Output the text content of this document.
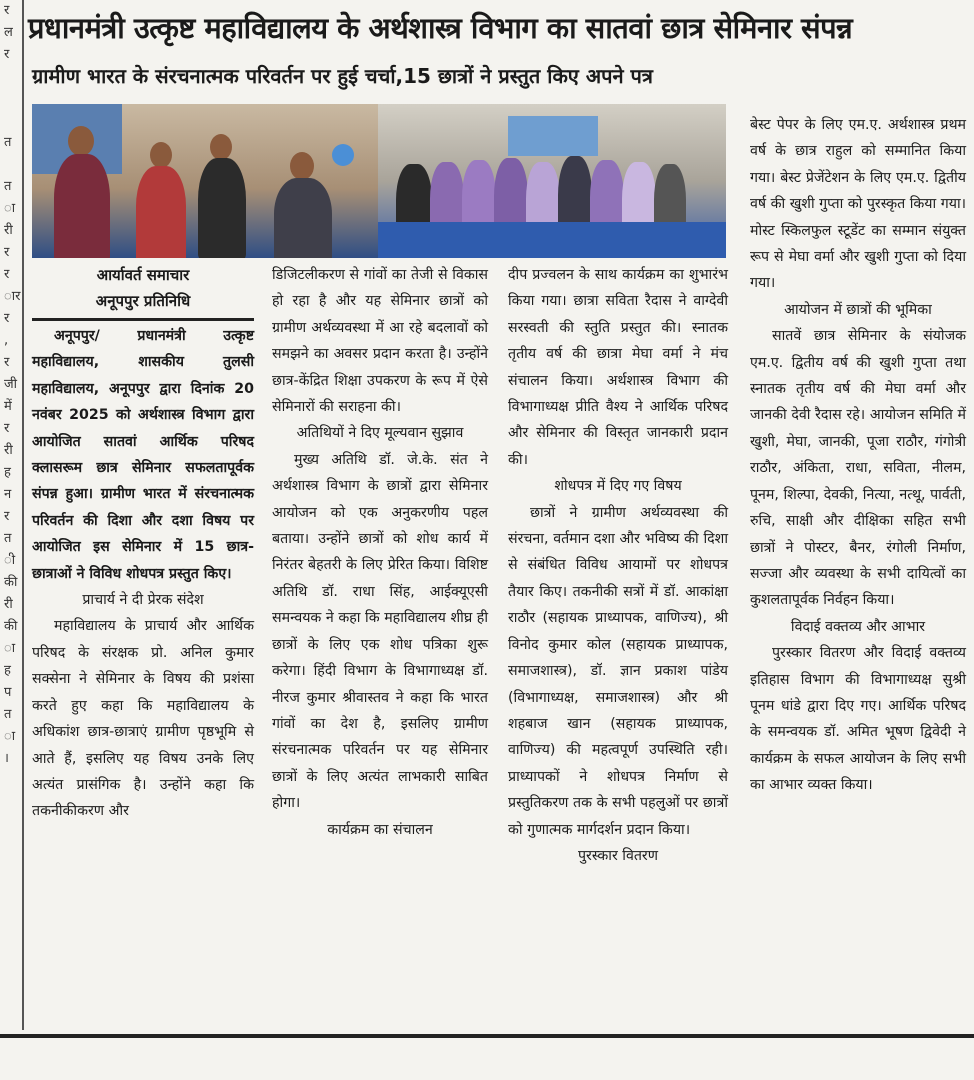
र
ल
र
त
त
ा
री
र
र
ार
र
,
र
जी
में
र
री
ह
न
र
त
ी
की
री
की
ा
ह
प
त
ा
।
प्रधानमंत्री उत्कृष्ट महाविद्यालय के अर्थशास्त्र विभाग का सातवां छात्र सेमिनार संपन्न
ग्रामीण भारत के संरचनात्मक परिवर्तन पर हुई चर्चा,15 छात्रों ने प्रस्तुत किए अपने पत्र
आर्यावर्त समाचार
अनूपपुर प्रतिनिधि

अनूपपुर/ प्रधानमंत्री उत्कृष्ट महाविद्यालय, शासकीय तुलसी महाविद्यालय, अनूपपुर द्वारा दिनांक 20 नवंबर 2025 को अर्थशास्त्र विभाग द्वारा आयोजित सातवां आर्थिक परिषद क्लासरूम छात्र सेमिनार सफलतापूर्वक संपन्न हुआ। ग्रामीण भारत में संरचनात्मक परिवर्तन की दिशा और दशा विषय पर आयोजित इस सेमिनार में 15 छात्र-छात्राओं ने विविध शोधपत्र प्रस्तुत किए।

प्राचार्य ने दी प्रेरक संदेश

महाविद्यालय के प्राचार्य और आर्थिक परिषद के संरक्षक प्रो. अनिल कुमार सक्सेना ने सेमिनार के विषय की प्रशंसा करते हुए कहा कि महाविद्यालय के अधिकांश छात्र-छात्राएं ग्रामीण पृष्ठभूमि से आते हैं, इसलिए यह विषय उनके लिए अत्यंत प्रासंगिक है। उन्होंने कहा कि तकनीकीकरण और

डिजिटलीकरण से गांवों का तेजी से विकास हो रहा है और यह सेमिनार छात्रों को ग्रामीण अर्थव्यवस्था में आ रहे बदलावों को समझने का अवसर प्रदान करता है। उन्होंने छात्र-केंद्रित शिक्षा उपकरण के रूप में ऐसे सेमिनारों की सराहना की।

अतिथियों ने दिए मूल्यवान सुझाव

मुख्य अतिथि डॉ. जे.के. संत ने अर्थशास्त्र विभाग के छात्रों द्वारा सेमिनार आयोजन को एक अनुकरणीय पहल बताया। उन्होंने छात्रों को शोध कार्य में निरंतर बेहतरी के लिए प्रेरित किया। विशिष्ट अतिथि डॉ. राधा सिंह, आईक्यूएसी समन्वयक ने कहा कि महाविद्यालय शीघ्र ही छात्रों के लिए एक शोध पत्रिका शुरू करेगा। हिंदी विभाग के विभागाध्यक्ष डॉ. नीरज कुमार श्रीवास्तव ने कहा कि भारत गांवों का देश है, इसलिए ग्रामीण संरचनात्मक परिवर्तन पर यह सेमिनार छात्रों के लिए अत्यंत लाभकारी साबित होगा।

कार्यक्रम का संचालन

दीप प्रज्वलन के साथ कार्यक्रम का शुभारंभ किया गया। छात्रा सविता रैदास ने वाग्देवी सरस्वती की स्तुति प्रस्तुत की। स्नातक तृतीय वर्ष की छात्रा मेघा वर्मा ने मंच संचालन किया। अर्थशास्त्र विभाग की विभागाध्यक्ष प्रीति वैश्य ने आर्थिक परिषद और सेमिनार की विस्तृत जानकारी प्रदान की।

शोधपत्र में दिए गए विषय

छात्रों ने ग्रामीण अर्थव्यवस्था की संरचना, वर्तमान दशा और भविष्य की दिशा से संबंधित विविध आयामों पर शोधपत्र तैयार किए। तकनीकी सत्रों में डॉ. आकांक्षा राठौर (सहायक प्राध्यापक, वाणिज्य), श्री विनोद कुमार कोल (सहायक प्राध्यापक, समाजशास्त्र), डॉ. ज्ञान प्रकाश पांडेय (विभागाध्यक्ष, समाजशास्त्र) और श्री शहबाज खान (सहायक प्राध्यापक, वाणिज्य) की महत्वपूर्ण उपस्थिति रही। प्राध्यापकों ने शोधपत्र निर्माण से प्रस्तुतिकरण तक के सभी पहलुओं पर छात्रों को गुणात्मक मार्गदर्शन प्रदान किया।

पुरस्कार वितरण

बेस्ट पेपर के लिए एम.ए. अर्थशास्त्र प्रथम वर्ष के छात्र राहुल को सम्मानित किया गया। बेस्ट प्रेजेंटेशन के लिए एम.ए. द्वितीय वर्ष की खुशी गुप्ता को पुरस्कृत किया गया। मोस्ट स्किलफुल स्टूडेंट का सम्मान संयुक्त रूप से मेघा वर्मा और खुशी गुप्ता को दिया गया।

आयोजन में छात्रों की भूमिका

सातवें छात्र सेमिनार के संयोजक एम.ए. द्वितीय वर्ष की खुशी गुप्ता तथा स्नातक तृतीय वर्ष की मेघा वर्मा और जानकी देवी रैदास रहे। आयोजन समिति में खुशी, मेघा, जानकी, पूजा राठौर, गंगोत्री राठौर, अंकिता, राधा, सविता, नीलम, पूनम, शिल्पा, देवकी, नित्या, नत्थू, पार्वती, रुचि, साक्षी और दीक्षिका सहित सभी छात्रों ने पोस्टर, बैनर, रंगोली निर्माण, सज्जा और व्यवस्था के सभी दायित्वों का कुशलतापूर्वक निर्वहन किया।

विदाई वक्तव्य और आभार

पुरस्कार वितरण और विदाई वक्तव्य इतिहास विभाग की विभागाध्यक्ष सुश्री पूनम धांडे द्वारा दिए गए। आर्थिक परिषद के समन्वयक डॉ. अमित भूषण द्विवेदी ने कार्यक्रम के सफल आयोजन के लिए सभी का आभार व्यक्त किया।
